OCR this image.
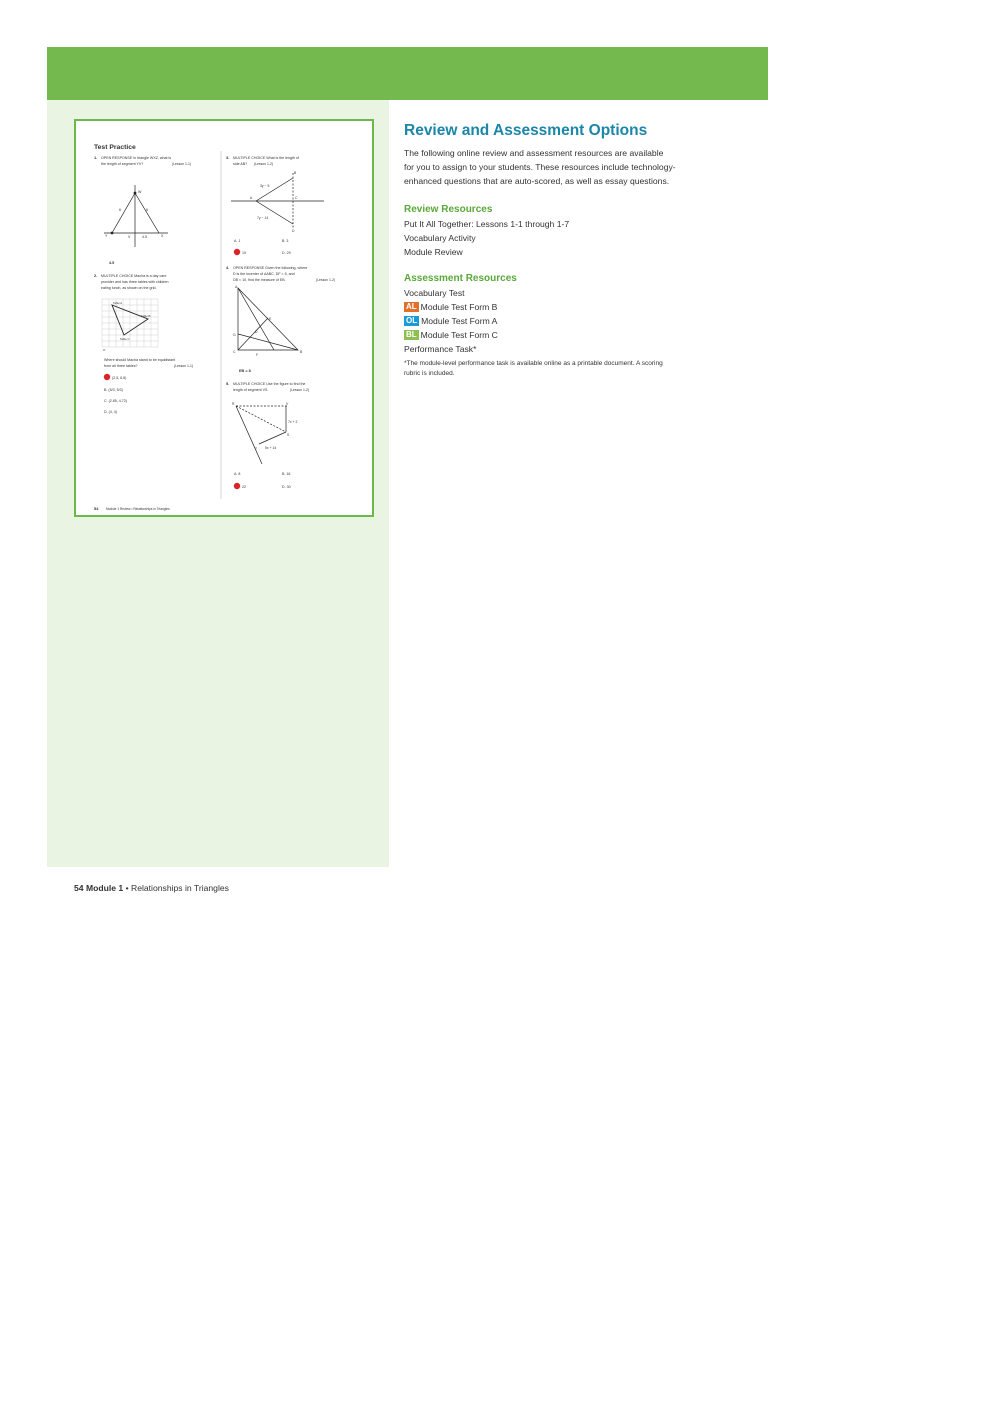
Test Practice
1. OPEN RESPONSE In triangle WXZ, what is
the length of segment YV?	(Lesson 1-1)
W
Y	V	X
6	6
4.5
4.5
2. MULTIPLE CHOICE Macha is a day care
provider and has three tables with children
eating lunch, as shown on the grid.
Table A
Table B
Table C
O
Where should Macha stand to be equidistant
from all three tables?	(Lesson 1-1)
(2.5, 6.5)
B. (5/3, 5/3)
C. (2.85, 4.72)
D. (4, 4)
3. MULTIPLE CHOICE What is the length of
side AB? (Lesson 1-2)
B
A	C
D
3y − 5
7y − 14
A. 1	B. 3
19	D. 29
4. OPEN RESPONSE Given the following, where
D is the incenter of ΔABC, DF = 5, and
DB = 10, find the measure of EB.	(Lesson 1-2)
A
B
C
D
E
F
G
EB = 8
5. MULTIPLE CHOICE Use the figure to find the
length of segment VS.	(Lesson 1-2)
R	V
S
T
7x + 2
5x + 14
A. 8	B. 16
22	D. 30
54 Module 1 Review • Relationships in Triangles
Review and Assessment Options

The following online review and assessment resources are available
for you to assign to your students. These resources include technology-
enhanced questions that are auto-scored, as well as essay questions.

Review Resources
Put It All Together: Lessons 1-1 through 1-7
Vocabulary Activity
Module Review
Assessment Resources
Vocabulary Test
AL Module Test Form B
OL Module Test Form A
BL Module Test Form C
Performance Task*
*The module-level performance task is available online as a printable document. A scoring
rubric is included.
54 Module 1 • Relationships in Triangles
